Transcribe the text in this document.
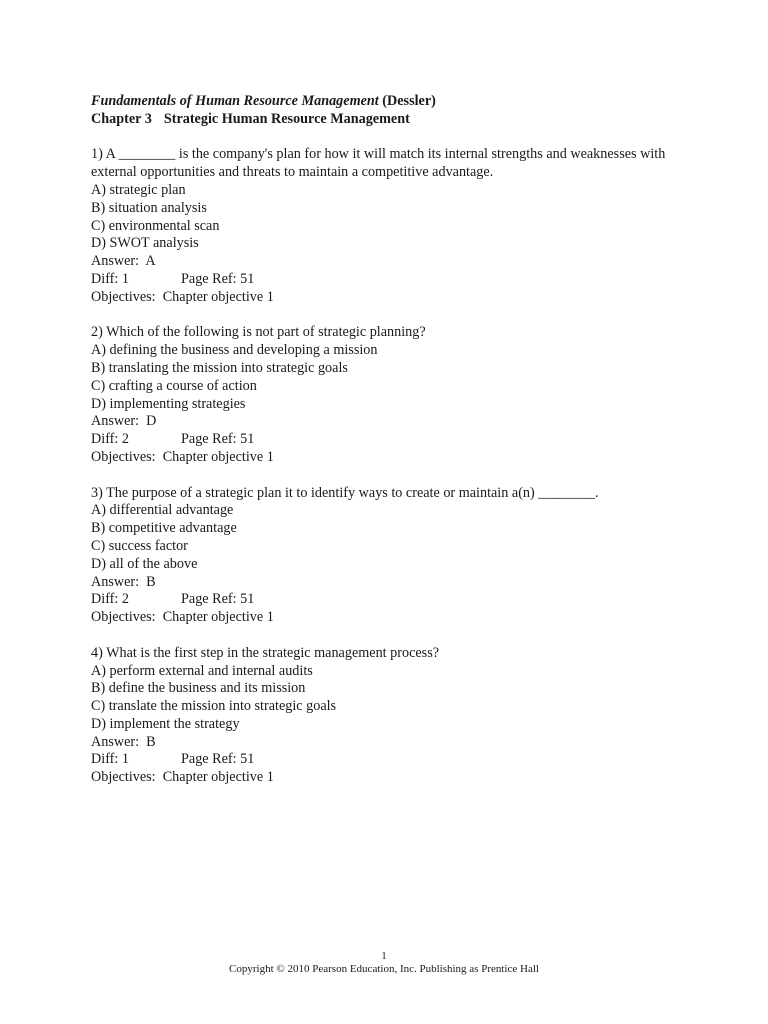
Fundamentals of Human Resource Management (Dessler)
Chapter 3 Strategic Human Resource Management
1) A ________ is the company's plan for how it will match its internal strengths and weaknesses with external opportunities and threats to maintain a competitive advantage.
A) strategic plan
B) situation analysis
C) environmental scan
D) SWOT analysis
Answer:  A
Diff: 1	Page Ref: 51
Objectives:  Chapter objective 1
2) Which of the following is not part of strategic planning?
A) defining the business and developing a mission
B) translating the mission into strategic goals
C) crafting a course of action
D) implementing strategies
Answer:  D
Diff: 2	Page Ref: 51
Objectives:  Chapter objective 1
3) The purpose of a strategic plan it to identify ways to create or maintain a(n) ________.
A) differential advantage
B) competitive advantage
C) success factor
D) all of the above
Answer:  B
Diff: 2	Page Ref: 51
Objectives:  Chapter objective 1
4) What is the first step in the strategic management process?
A) perform external and internal audits
B) define the business and its mission
C) translate the mission into strategic goals
D) implement the strategy
Answer:  B
Diff: 1	Page Ref: 51
Objectives:  Chapter objective 1
1
Copyright © 2010 Pearson Education, Inc. Publishing as Prentice Hall
